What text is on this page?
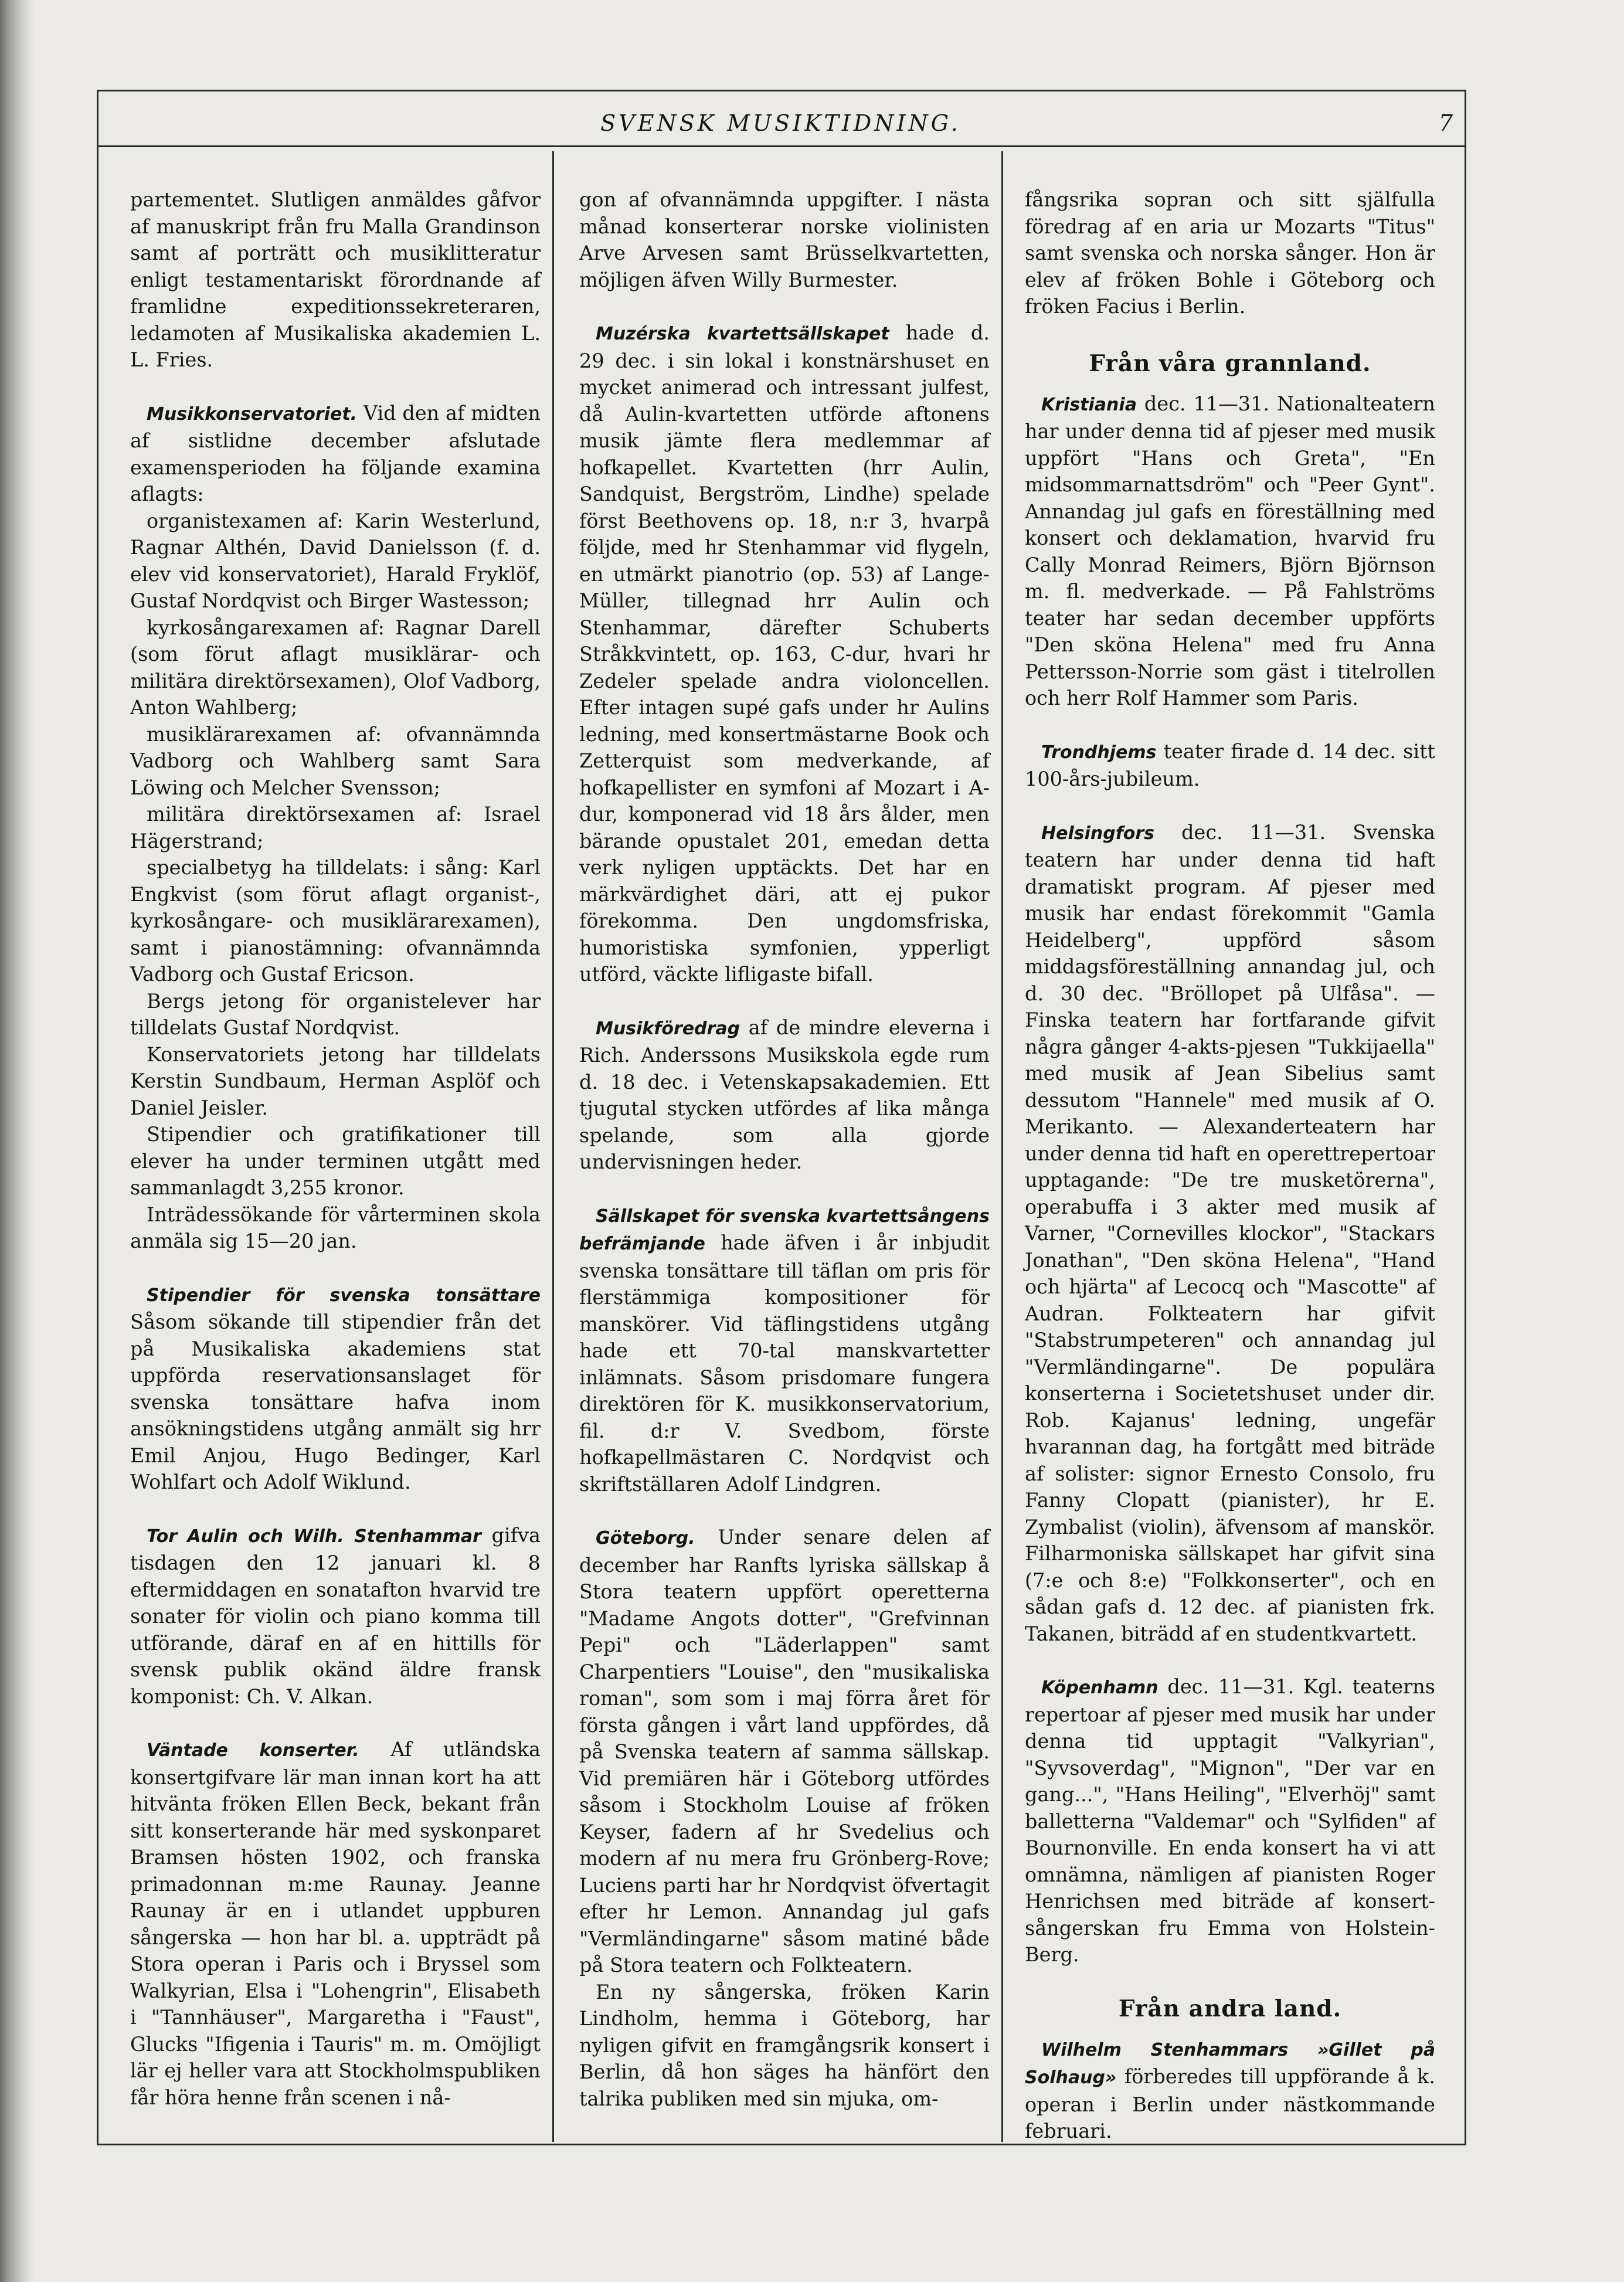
SVENSK MUSIKTIDNING.	7

partementet. Slutligen anmäldes gåfvor af manuskript från fru Malla Grandinson samt af porträtt och musiklitteratur enligt testamentariskt förordnande af framlidne expeditionssekreteraren, ledamoten af Musikaliska akademien L. L. Fries.

Musikkonservatoriet. Vid den af midten af sistlidne december afslutade examensperioden ha följande examina aflagts:

organistexamen af: Karin Westerlund, Ragnar Althén, David Danielsson (f. d. elev vid konservatoriet), Harald Fryklöf, Gustaf Nordqvist och Birger Wastesson;

kyrkosångarexamen af: Ragnar Darell (som förut aflagt musiklärar- och militära direktörsexamen), Olof Vadborg, Anton Wahlberg;

musiklärarexamen af: ofvannämnda Vadborg och Wahlberg samt Sara Löwing och Melcher Svensson;

militära direktörsexamen af: Israel Hägerstrand;

specialbetyg ha tilldelats: i sång: Karl Engkvist (som förut aflagt organist-, kyrkosångare- och musiklärarexamen), samt i pianostämning: ofvannämnda Vadborg och Gustaf Ericson.

Bergs jetong för organistelever har tilldelats Gustaf Nordqvist.

Konservatoriets jetong har tilldelats Kerstin Sundbaum, Herman Asplöf och Daniel Jeisler.

Stipendier och gratifikationer till elever ha under terminen utgått med sammanlagdt 3,255 kronor.

Inträdessökande för vårterminen skola anmäla sig 15—20 jan.

Stipendier för svenska tonsättare Såsom sökande till stipendier från det på Musikaliska akademiens stat uppförda reservationsanslaget för svenska tonsättare hafva inom ansökningstidens utgång anmält sig hrr Emil Anjou, Hugo Bedinger, Karl Wohlfart och Adolf Wiklund.

Tor Aulin och Wilh. Stenhammar gifva tisdagen den 12 januari kl. 8 eftermiddagen en sonatafton hvarvid tre sonater för violin och piano komma till utförande, däraf en af en hittills för svensk publik okänd äldre fransk komponist: Ch. V. Alkan.

Väntade konserter. Af utländska konsertgifvare lär man innan kort ha att hitvänta fröken Ellen Beck, bekant från sitt konserterande här med syskonparet Bramsen hösten 1902, och franska primadonnan m:me Raunay. Jeanne Raunay är en i utlandet uppburen sångerska — hon har bl. a. uppträdt på Stora operan i Paris och i Bryssel som Walkyrian, Elsa i "Lohengrin", Elisabeth i "Tannhäuser", Margaretha i "Faust", Glucks "Ifigenia i Tauris" m. m. Omöjligt lär ej heller vara att Stockholmspubliken får höra henne från scenen i nå-

gon af ofvannämnda uppgifter. I nästa månad konserterar norske violinisten Arve Arvesen samt Brüsselkvartetten, möjligen äfven Willy Burmester.

Muzérska kvartettsällskapet hade d. 29 dec. i sin lokal i konstnärshuset en mycket animerad och intressant julfest, då Aulin-kvartetten utförde aftonens musik jämte flera medlemmar af hofkapellet. Kvartetten (hrr Aulin, Sandquist, Bergström, Lindhe) spelade först Beethovens op. 18, n:r 3, hvarpå följde, med hr Stenhammar vid flygeln, en utmärkt pianotrio (op. 53) af Lange-Müller, tillegnad hrr Aulin och Stenhammar, därefter Schuberts Stråkkvintett, op. 163, C-dur, hvari hr Zedeler spelade andra violoncellen. Efter intagen supé gafs under hr Aulins ledning, med konsertmästarne Book och Zetterquist som medverkande, af hofkapellister en symfoni af Mozart i A-dur, komponerad vid 18 års ålder, men bärande opustalet 201, emedan detta verk nyligen upptäckts. Det har en märkvärdighet däri, att ej pukor förekomma. Den ungdomsfriska, humoristiska symfonien, ypperligt utförd, väckte lifligaste bifall.

Musikföredrag af de mindre eleverna i Rich. Anderssons Musikskola egde rum d. 18 dec. i Vetenskapsakademien. Ett tjugutal stycken utfördes af lika många spelande, som alla gjorde undervisningen heder.

Sällskapet för svenska kvartettsångens befrämjande hade äfven i år inbjudit svenska tonsättare till täflan om pris för flerstämmiga kompositioner för manskörer. Vid täflingstidens utgång hade ett 70-tal manskvartetter inlämnats. Såsom prisdomare fungera direktören för K. musikkonservatorium, fil. d:r V. Svedbom, förste hofkapellmästaren C. Nordqvist och skriftställaren Adolf Lindgren.

Göteborg. Under senare delen af december har Ranfts lyriska sällskap å Stora teatern uppfört operetterna "Madame Angots dotter", "Grefvinnan Pepi" och "Läderlappen" samt Charpentiers "Louise", den "musikaliska roman", som som i maj förra året för första gången i vårt land uppfördes, då på Svenska teatern af samma sällskap. Vid premiären här i Göteborg utfördes såsom i Stockholm Louise af fröken Keyser, fadern af hr Svedelius och modern af nu mera fru Grönberg-Rove; Luciens parti har hr Nordqvist öfvertagit efter hr Lemon. Annandag jul gafs "Vermländingarne" såsom matiné både på Stora teatern och Folkteatern.

En ny sångerska, fröken Karin Lindholm, hemma i Göteborg, har nyligen gifvit en framgångsrik konsert i Berlin, då hon säges ha hänfört den talrika publiken med sin mjuka, om-

fångsrika sopran och sitt själfulla föredrag af en aria ur Mozarts "Titus" samt svenska och norska sånger. Hon är elev af fröken Bohle i Göteborg och fröken Facius i Berlin.

Från våra grannland.

Kristiania dec. 11—31. Nationalteatern har under denna tid af pjeser med musik uppfört "Hans och Greta", "En midsommarnattsdröm" och "Peer Gynt". Annandag jul gafs en föreställning med konsert och deklamation, hvarvid fru Cally Monrad Reimers, Björn Björnson m. fl. medverkade. — På Fahlströms teater har sedan december uppförts "Den sköna Helena" med fru Anna Pettersson-Norrie som gäst i titelrollen och herr Rolf Hammer som Paris.

Trondhjems teater firade d. 14 dec. sitt 100-års-jubileum.

Helsingfors dec. 11—31. Svenska teatern har under denna tid haft dramatiskt program. Af pjeser med musik har endast förekommit "Gamla Heidelberg", uppförd såsom middagsföreställning annandag jul, och d. 30 dec. "Bröllopet på Ulfåsa". — Finska teatern har fortfarande gifvit några gånger 4-akts-pjesen "Tukkijaella" med musik af Jean Sibelius samt dessutom "Hannele" med musik af O. Merikanto. — Alexanderteatern har under denna tid haft en operettrepertoar upptagande: "De tre musketörerna", operabuffa i 3 akter med musik af Varner, "Cornevilles klockor", "Stackars Jonathan", "Den sköna Helena", "Hand och hjärta" af Lecocq och "Mascotte" af Audran. Folkteatern har gifvit "Stabstrumpeteren" och annandag jul "Vermländingarne". De populära konserterna i Societetshuset under dir. Rob. Kajanus' ledning, ungefär hvarannan dag, ha fortgått med biträde af solister: signor Ernesto Consolo, fru Fanny Clopatt (pianister), hr E. Zymbalist (violin), äfvensom af manskör. Filharmoniska sällskapet har gifvit sina (7:e och 8:e) "Folkkonserter", och en sådan gafs d. 12 dec. af pianisten frk. Takanen, biträdd af en studentkvartett.

Köpenhamn dec. 11—31. Kgl. teaterns repertoar af pjeser med musik har under denna tid upptagit "Valkyrian", "Syvsoverdag", "Mignon", "Der var en gang...", "Hans Heiling", "Elverhöj" samt balletterna "Valdemar" och "Sylfiden" af Bournonville. En enda konsert ha vi att omnämna, nämligen af pianisten Roger Henrichsen med biträde af konsert-sångerskan fru Emma von Holstein-Berg.

Från andra land.

Wilhelm Stenhammars »Gillet på Solhaug» förberedes till uppförande å k. operan i Berlin under nästkommande februari.
